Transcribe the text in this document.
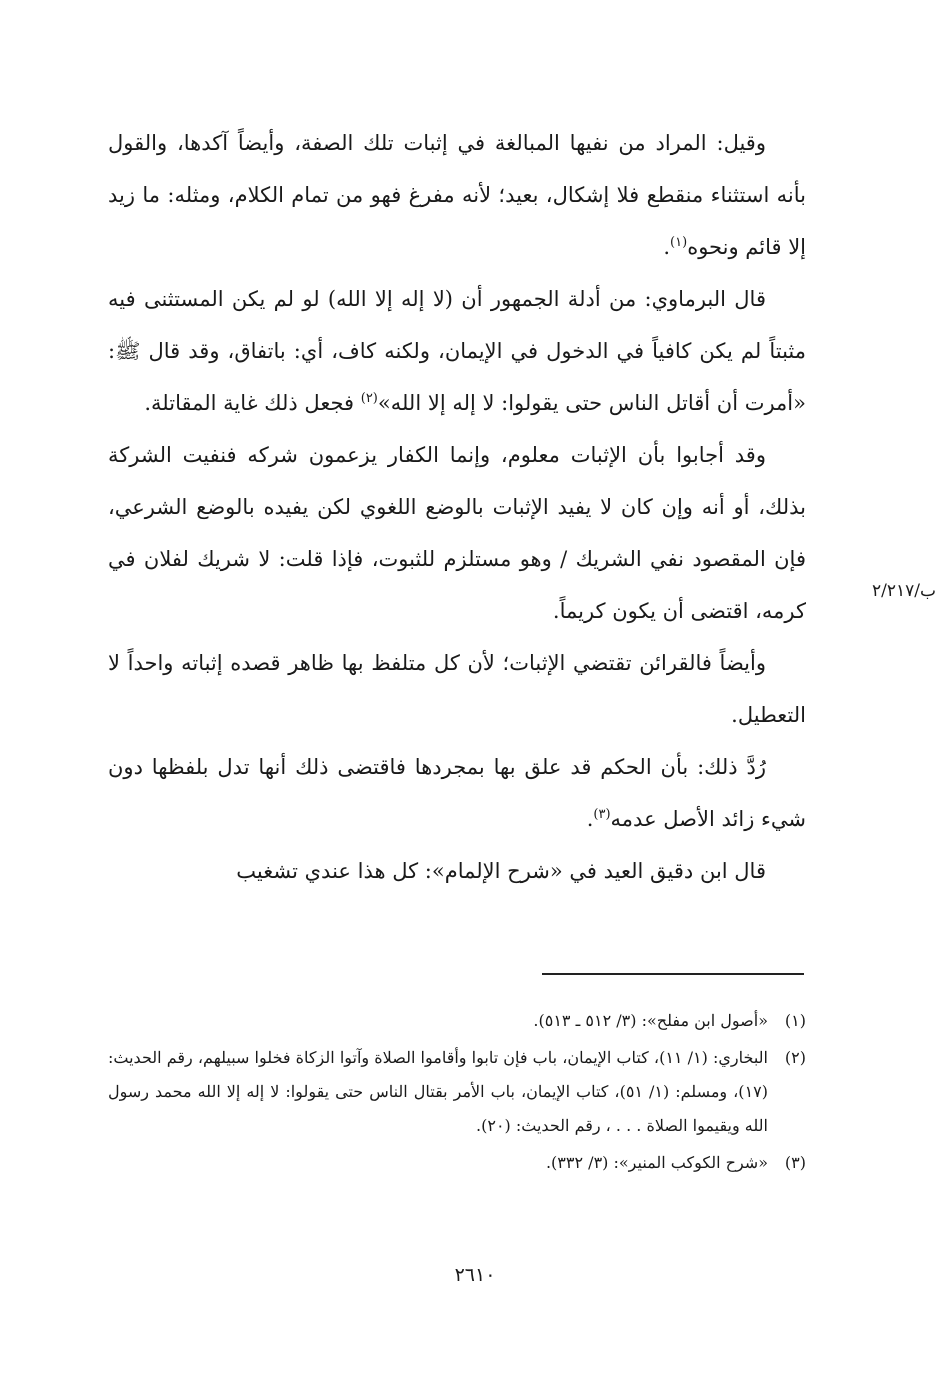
وقيل: المراد من نفيها المبالغة في إثبات تلك الصفة، وأيضاً آكدها، والقول بأنه استثناء منقطع فلا إشكال، بعيد؛ لأنه مفرغ فهو من تمام الكلام، ومثله: ما زيد إلا قائم ونحوه$^{(١)}$.

قال البرماوي: من أدلة الجمهور أن (لا إله إلا الله) لو لم يكن المستثنى فيه مثبتاً لم يكن كافياً في الدخول في الإيمان، ولكنه كاف، أي: باتفاق، وقد قال ﷺ: «أمرت أن أقاتل الناس حتى يقولوا: لا إله إلا الله»$^{(٢)}$ فجعل ذلك غاية المقاتلة.

وقد أجابوا بأن الإثبات معلوم، وإنما الكفار يزعمون شركه فنفيت الشركة بذلك، أو أنه وإن كان لا يفيد الإثبات بالوضع اللغوي لكن يفيده بالوضع الشرعي، فإن المقصود نفي الشريك / وهو مستلزم للثبوت، فإذا قلت: لا شريك لفلان في كرمه، اقتضى أن يكون كريماً.

وأيضاً فالقرائن تقتضي الإثبات؛ لأن كل متلفظ بها ظاهر قصده إثباته واحداً لا التعطيل.

رُدَّ ذلك: بأن الحكم قد علق بها بمجردها فاقتضى ذلك أنها تدل بلفظها دون شيء زائد الأصل عدمه$^{(٣)}$.

قال ابن دقيق العيد في «شرح الإلمام»: كل هذا عندي تشغيب

ب/٢/٢١٧
(١)
«أصول ابن مفلح»: (٣/ ٥١٢ ـ ٥١٣).
(٢)
البخاري: (١/ ١١)، كتاب الإيمان، باب فإن تابوا وأقاموا الصلاة وآتوا الزكاة فخلوا سبيلهم، رقم الحديث: (١٧)، ومسلم: (١/ ٥١)، كتاب الإيمان، باب الأمر بقتال الناس حتى يقولوا: لا إله إلا الله محمد رسول الله ويقيموا الصلاة . . . ، رقم الحديث: (٢٠).
(٣)
«شرح الكوكب المنير»: (٣/ ٣٣٢).
٢٦١٠
